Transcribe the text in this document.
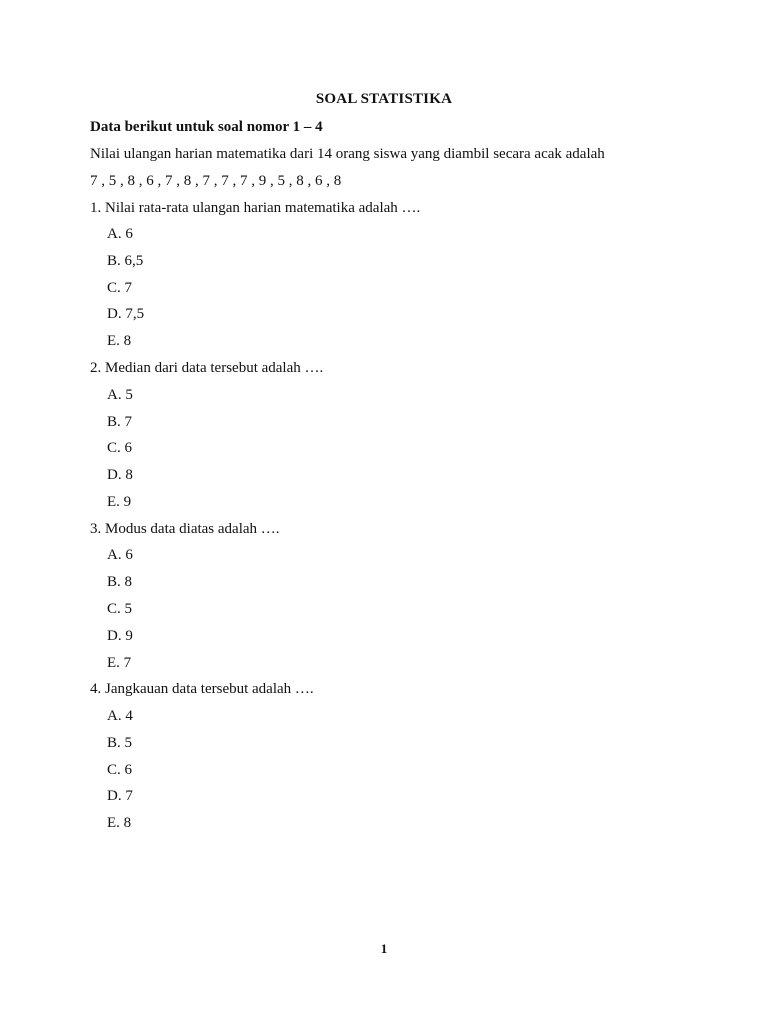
SOAL STATISTIKA
Data berikut untuk soal nomor 1 – 4
Nilai ulangan harian matematika dari 14 orang siswa yang diambil secara acak adalah
7 , 5 , 8 , 6 , 7 , 8 , 7 , 7 , 7 , 9 , 5 , 8 , 6 , 8
1. Nilai rata-rata ulangan harian matematika adalah ….
A. 6
B. 6,5
C. 7
D. 7,5
E. 8
2. Median dari data tersebut adalah ….
A. 5
B. 7
C. 6
D. 8
E. 9
3. Modus data diatas adalah ….
A. 6
B. 8
C. 5
D. 9
E. 7
4. Jangkauan data tersebut adalah ….
A. 4
B. 5
C. 6
D. 7
E. 8
1
